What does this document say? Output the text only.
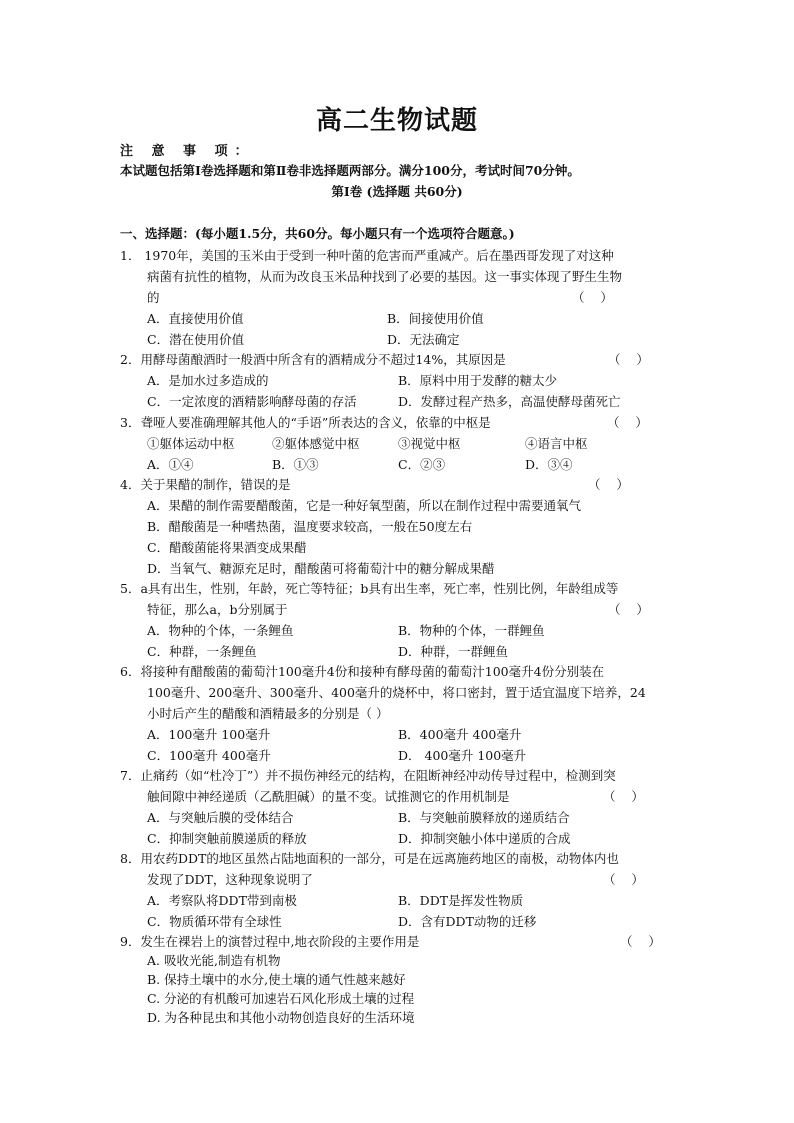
高二生物试题
注 意 事 项：
本试题包括第Ⅰ卷选择题和第Ⅱ卷非选择题两部分。满分100分，考试时间70分钟。
第Ⅰ卷 (选择题 共60分)
一、选择题：(每小题1.5分，共60分。每小题只有一个选项符合题意。)
1． 1970年，美国的玉米由于受到一种叶菌的危害而严重减产。后在墨西哥发现了对这种
病菌有抗性的植物，从而为改良玉米品种找到了必要的基因。这一事实体现了野生生物
的	（    ）
A．直接使用价值	B．间接使用价值
C．潜在使用价值	D．无法确定
2．用酵母菌酿酒时一般酒中所含有的酒精成分不超过14%，其原因是	（    ）
A．是加水过多造成的	B．原料中用于发酵的糖太少
C．一定浓度的酒精影响酵母菌的存活	D．发酵过程产热多，高温使酵母菌死亡
3．聋哑人要准确理解其他人的“手语”所表达的含义，依靠的中枢是	（    ）
①躯体运动中枢	②躯体感觉中枢	③视觉中枢	④语言中枢
A．①④	B．①③	C．②③	D．③④
4．关于果醋的制作，错误的是	（    ）
A．果醋的制作需要醋酸菌，它是一种好氧型菌，所以在制作过程中需要通氧气
B．醋酸菌是一种嗜热菌，温度要求较高，一般在50度左右
C．醋酸菌能将果酒变成果醋
D．当氧气、糖源充足时，醋酸菌可将葡萄汁中的糖分解成果醋
5．a具有出生，性别，年龄，死亡等特征；b具有出生率，死亡率，性别比例，年龄组成等
特征，那么a，b分别属于	（    ）
A．物种的个体，一条鲤鱼	B．物种的个体，一群鲤鱼
C．种群，一条鲤鱼	D．种群，一群鲤鱼
6．将接种有醋酸菌的葡萄汁100毫升4份和接种有酵母菌的葡萄汁100毫升4份分别装在
100毫升、200毫升、300毫升、400毫升的烧杯中，将口密封，置于适宜温度下培养，24
小时后产生的醋酸和酒精最多的分别是（ ）
A．100毫升 100毫升	B．400毫升 400毫升
C．100毫升 400毫升	D． 400毫升 100毫升
7．止痛药（如“杜冷丁”）并不损伤神经元的结构，在阻断神经冲动传导过程中，检测到突
触间隙中神经递质（乙酰胆碱）的量不变。试推测它的作用机制是	（    ）
A．与突触后膜的受体结合	B．与突触前膜释放的递质结合
C．抑制突触前膜递质的释放	D．抑制突触小体中递质的合成
8．用农药DDT的地区虽然占陆地面积的一部分，可是在远离施药地区的南极，动物体内也
发现了DDT，这种现象说明了	（    ）
A．考察队将DDT带到南极	B．DDT是挥发性物质
C．物质循环带有全球性	D．含有DDT动物的迁移
9．发生在裸岩上的演替过程中,地衣阶段的主要作用是	（    ）
A. 吸收光能,制造有机物
B. 保持土壤中的水分,使土壤的通气性越来越好
C. 分泌的有机酸可加速岩石风化形成土壤的过程
D. 为各种昆虫和其他小动物创造良好的生活环境
